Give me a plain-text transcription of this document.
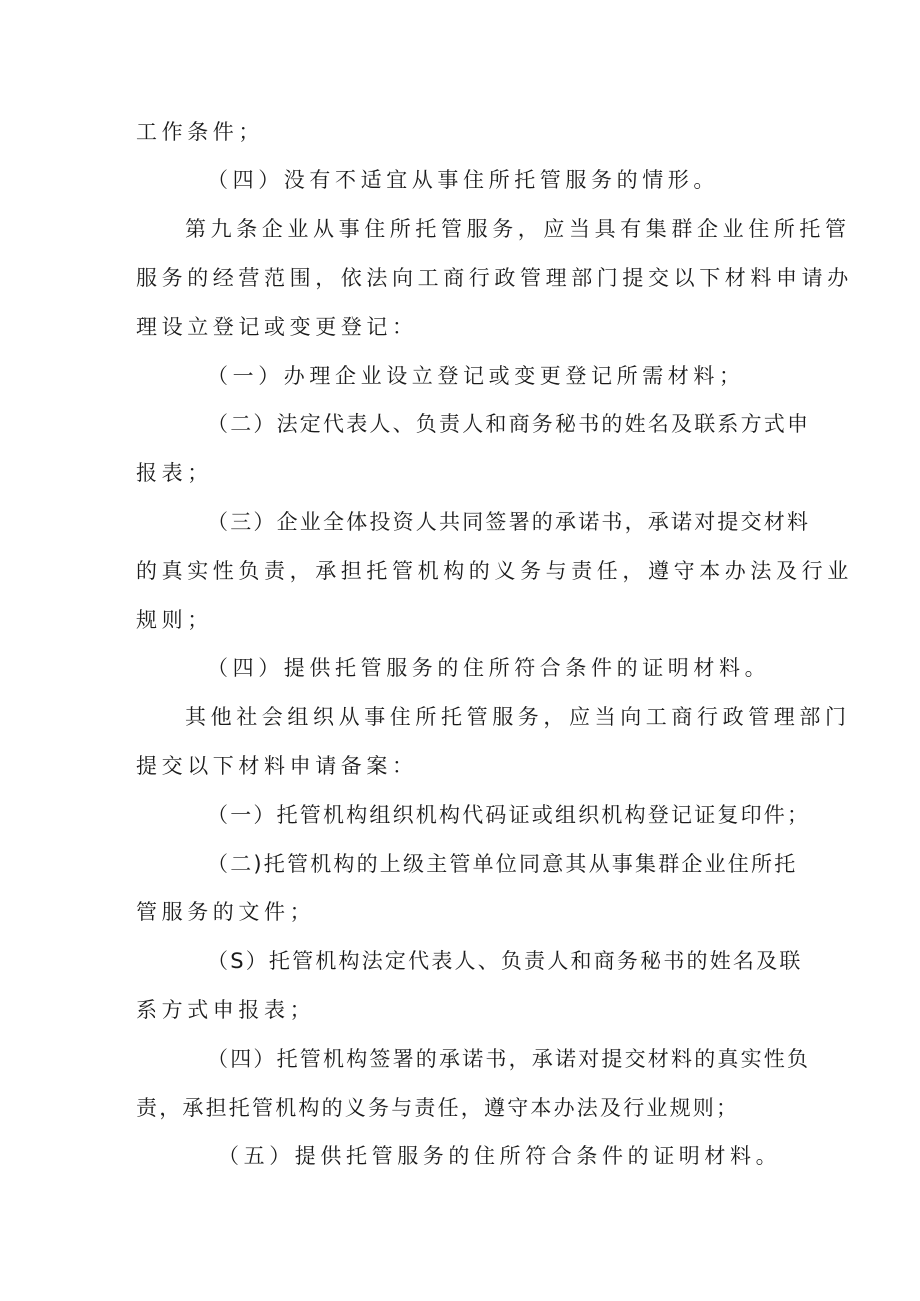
工作条件；
（四）没有不适宜从事住所托管服务的情形。
第九条企业从事住所托管服务，应当具有集群企业住所托管
服务的经营范围，依法向工商行政管理部门提交以下材料申请办
理设立登记或变更登记：
（一）办理企业设立登记或变更登记所需材料；
（二）法定代表人、负责人和商务秘书的姓名及联系方式申
报表；
（三）企业全体投资人共同签署的承诺书，承诺对提交材料
的真实性负责，承担托管机构的义务与责任，遵守本办法及行业
规则；
（四）提供托管服务的住所符合条件的证明材料。
其他社会组织从事住所托管服务，应当向工商行政管理部门
提交以下材料申请备案：
（一）托管机构组织机构代码证或组织机构登记证复印件；
（二)托管机构的上级主管单位同意其从事集群企业住所托
管服务的文件；
（S）托管机构法定代表人、负责人和商务秘书的姓名及联
系方式申报表；
（四）托管机构签署的承诺书，承诺对提交材料的真实性负
责，承担托管机构的义务与责任，遵守本办法及行业规则；
（五）提供托管服务的住所符合条件的证明材料。
